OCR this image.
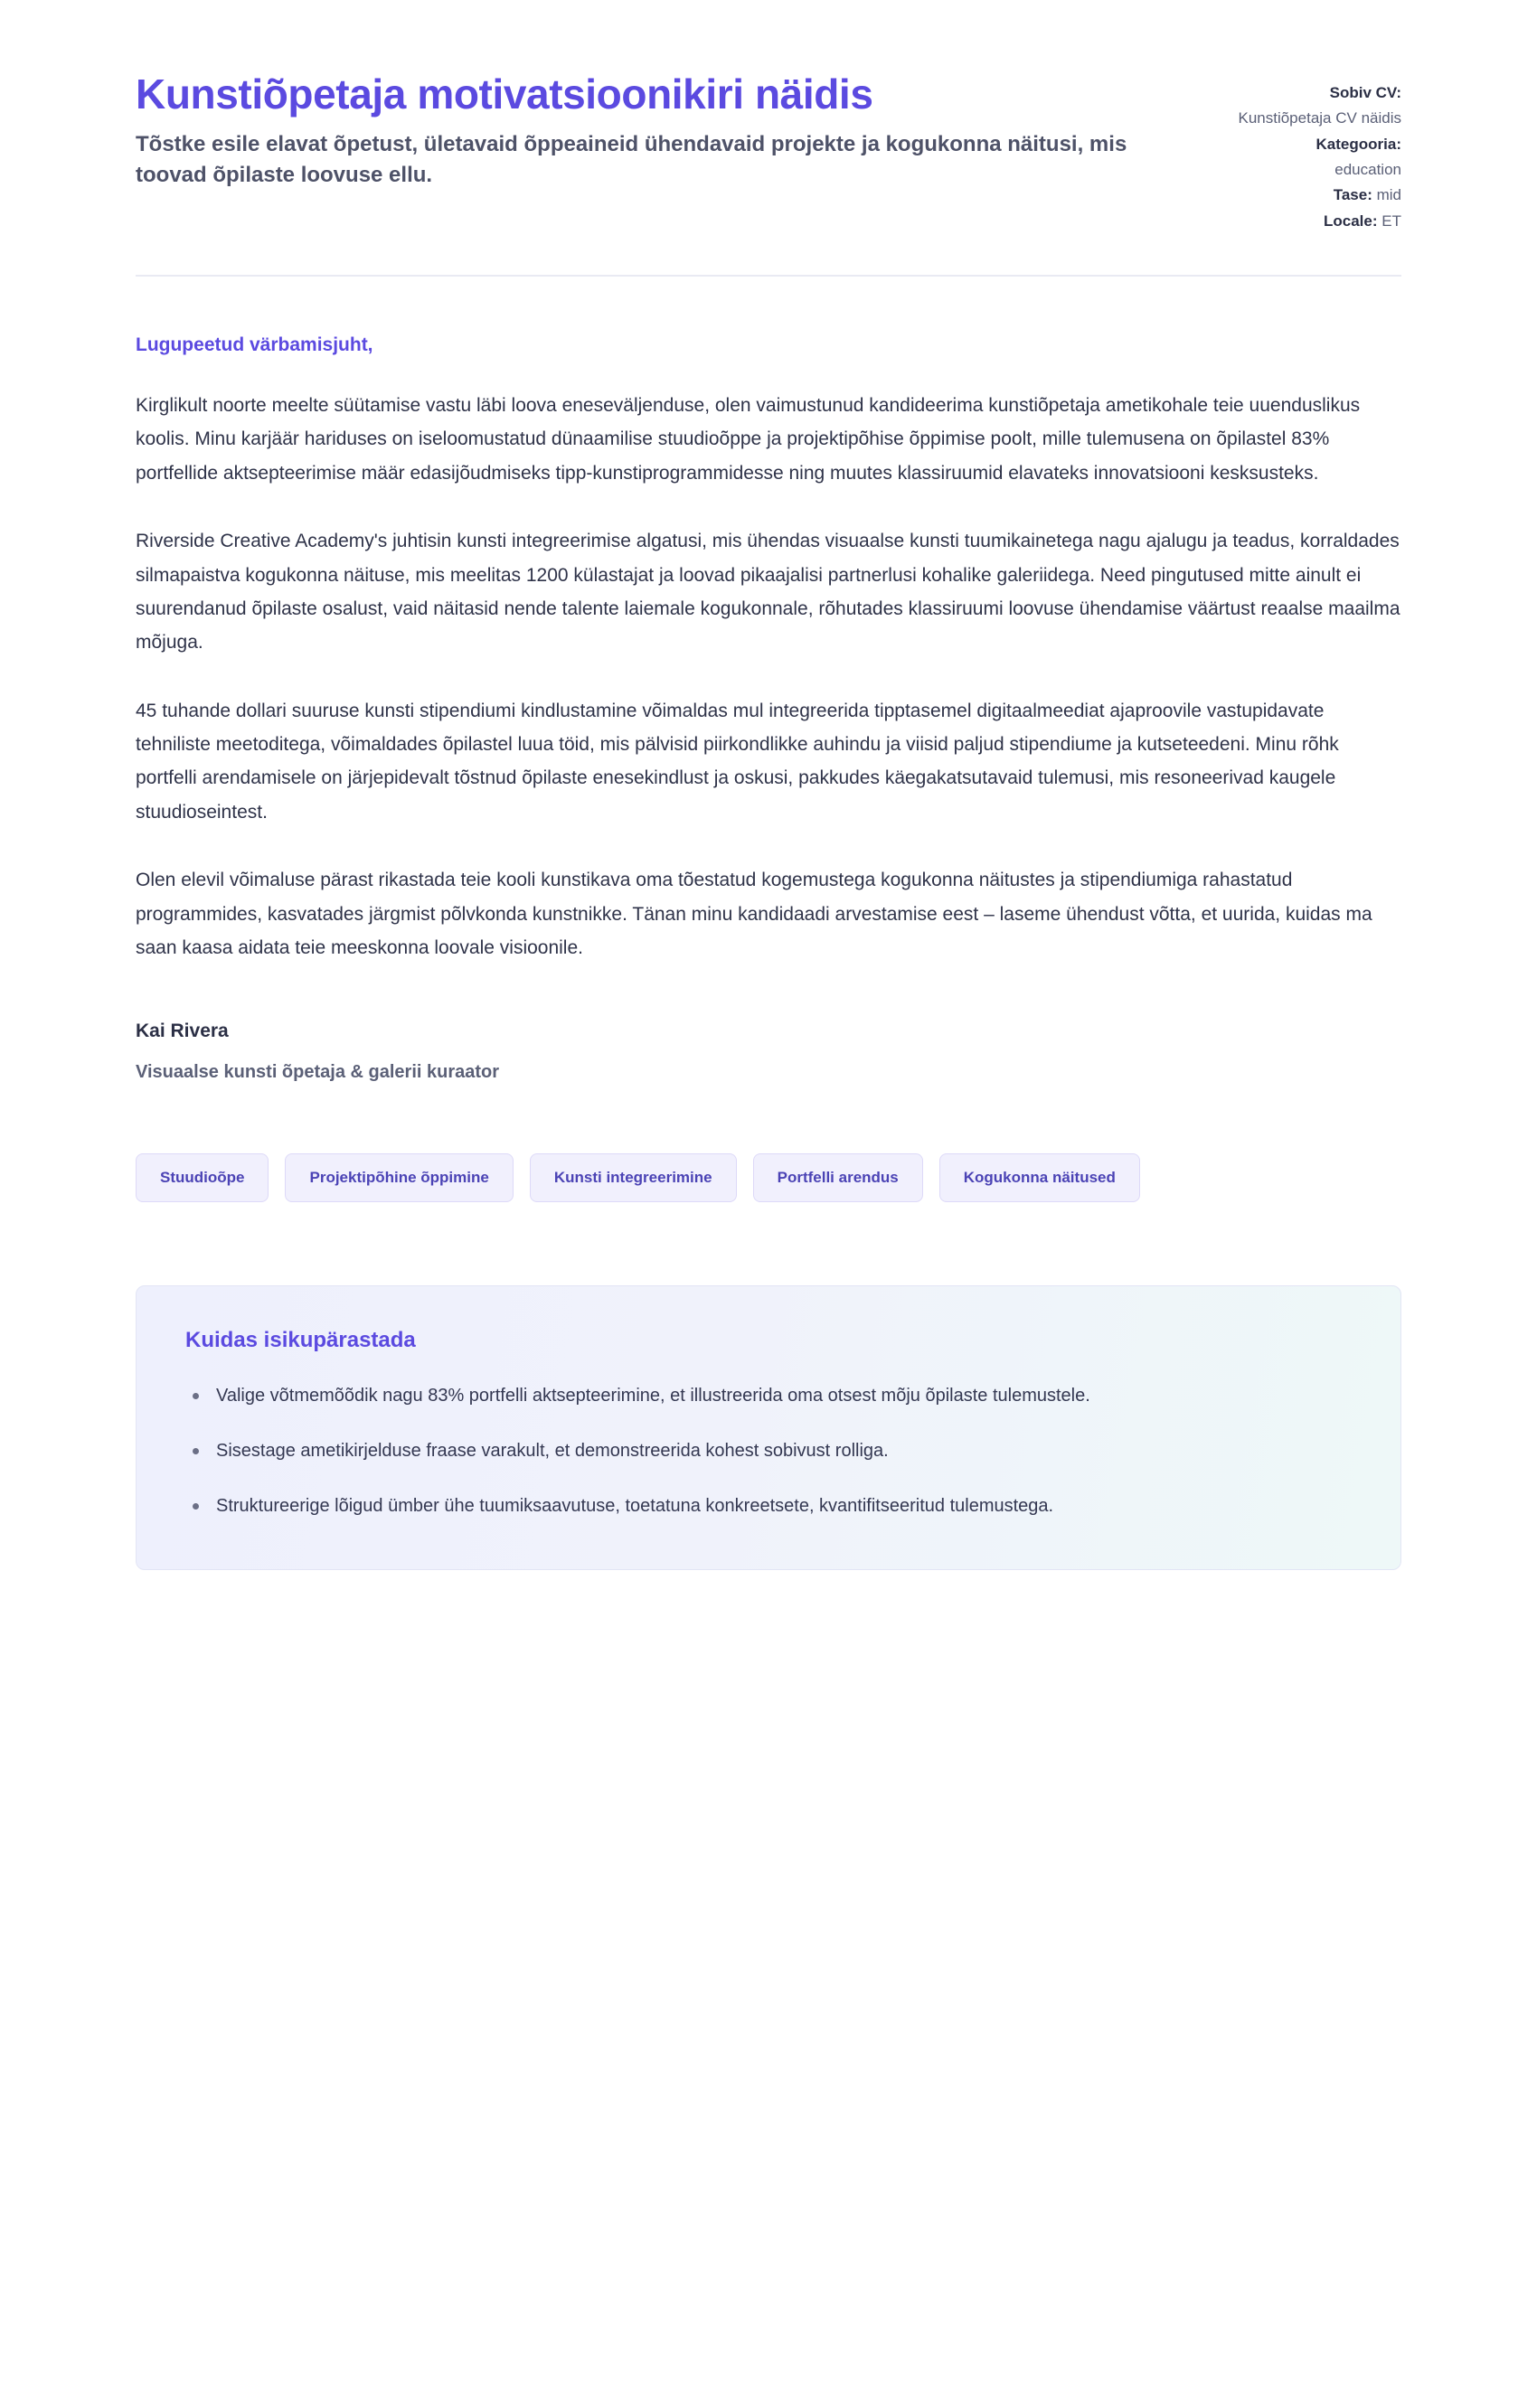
Kunstiõpetaja motivatsioonikiri näidis

Tõstke esile elavat õpetust, ületavaid õppeaineid ühendavaid projekte ja kogukonna näitusi, mis toovad õpilaste loovuse ellu.

Sobiv CV:
Kunstiõpetaja CV näidis
Kategooria:
education
Tase: mid
Locale: ET

Lugupeetud värbamisjuht,

Kirglikult noorte meelte süütamise vastu läbi loova eneseväljenduse, olen vaimustunud kandideerima kunstiõpetaja ametikohale teie uuenduslikus koolis. Minu karjäär hariduses on iseloomustatud dünaamilise stuudioõppe ja projektipõhise õppimise poolt, mille tulemusena on õpilastel 83% portfellide aktsepteerimise määr edasijõudmiseks tipp-kunstiprogrammidesse ning muutes klassiruumid elavateks innovatsiooni kesksusteks.

Riverside Creative Academy's juhtisin kunsti integreerimise algatusi, mis ühendas visuaalse kunsti tuumikainetega nagu ajalugu ja teadus, korraldades silmapaistva kogukonna näituse, mis meelitas 1200 külastajat ja loovad pikaajalisi partnerlusi kohalike galeriidega. Need pingutused mitte ainult ei suurendanud õpilaste osalust, vaid näitasid nende talente laiemale kogukonnale, rõhutades klassiruumi loovuse ühendamise väärtust reaalse maailma mõjuga.

45 tuhande dollari suuruse kunsti stipendiumi kindlustamine võimaldas mul integreerida tipptasemel digitaalmeediat ajaproovile vastupidavate tehniliste meetoditega, võimaldades õpilastel luua töid, mis pälvisid piirkondlikke auhindu ja viisid paljud stipendiume ja kutseteedeni. Minu rõhk portfelli arendamisele on järjepidevalt tõstnud õpilaste enesekindlust ja oskusi, pakkudes käegakatsutavaid tulemusi, mis resoneerivad kaugele stuudioseintest.

Olen elevil võimaluse pärast rikastada teie kooli kunstikava oma tõestatud kogemustega kogukonna näitustes ja stipendiumiga rahastatud programmides, kasvatades järgmist põlvkonda kunstnikke. Tänan minu kandidaadi arvestamise eest – laseme ühendust võtta, et uurida, kuidas ma saan kaasa aidata teie meeskonna loovale visioonile.

Kai Rivera

Visuaalse kunsti õpetaja & galerii kuraator

Stuudioõpe	Projektipõhine õppimine	Kunsti integreerimine	Portfelli arendus	Kogukonna näitused
Kuidas isikupärastada
Valige võtmemõõdik nagu 83% portfelli aktsepteerimine, et illustreerida oma otsest mõju õpilaste tulemustele.
Sisestage ametikirjelduse fraase varakult, et demonstreerida kohest sobivust rolliga.
Struktureerige lõigud ümber ühe tuumiksaavutuse, toetatuna konkreetsete, kvantifitseeritud tulemustega.
